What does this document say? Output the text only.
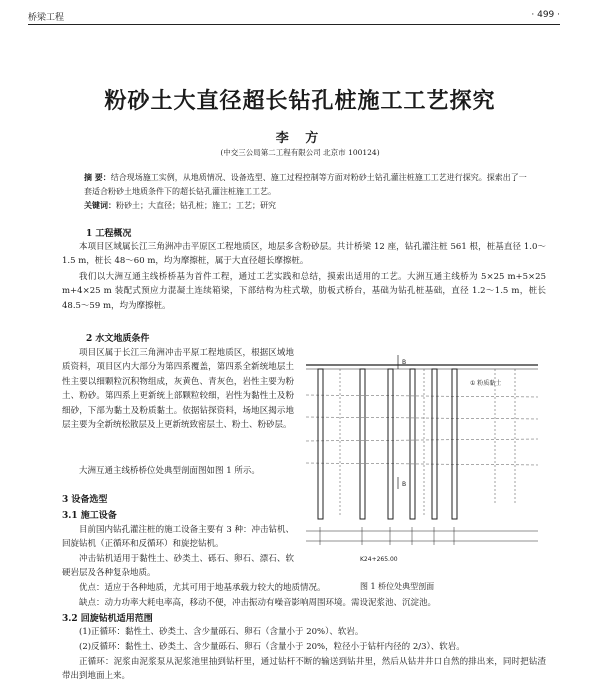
桥梁工程	· 499 ·
粉砂土大直径超长钻孔桩施工工艺探究
李 方
(中交三公局第二工程有限公司 北京市 100124)
摘 要：结合现场施工实例，从地质情况、设备选型、施工过程控制等方面对粉砂土钻孔灌注桩施工工艺进行探究。探索出了一套适合粉砂土地质条件下的超长钻孔灌注桩施工工艺。
关键词：粉砂土；大直径；钻孔桩；施工；工艺；研究
1 工程概况
本项目区域属长江三角洲冲击平原区工程地质区，地层多含粉砂层。共计桥梁 12 座，钻孔灌注桩 561 根，桩基直径 1.0～1.5 m，桩长 48～60 m，均为摩擦桩，属于大直径超长摩擦桩。
我们以大洲互通主线桥桥基为首件工程，通过工艺实践和总结，摸索出适用的工艺。大洲互通主线桥为 5×25 m+5×25 m+4×25 m 装配式预应力混凝土连续箱梁，下部结构为柱式墩，肋板式桥台，基础为钻孔桩基础，直径 1.2～1.5 m，桩长 48.5～59 m，均为摩擦桩。
2 水文地质条件
项目区属于长江三角洲冲击平原工程地质区，根据区域地质资料，项目区内大部分为第四系覆盖，第四系全新统地层土性主要以细颗粒沉积物组成，灰黄色、青灰色，岩性主要为粉土、粉砂。第四系上更新统上部颗粒较细，岩性为黏性土及粉细砂，下部为黏土及粉质黏土。依据钻探资料，场地区揭示地层主要为全新统松散层及上更新统致密层土、粉土、粉砂层。
大洲互通主线桥桥位处典型剖面图如图 1 所示。
B
B
① 粉质黏土
K24+265.00
图 1 桥位处典型剖面
3 设备选型
3.1 施工设备
目前国内钻孔灌注桩的施工设备主要有 3 种：冲击钻机、回旋钻机（正循环和反循环）和旋挖钻机。
冲击钻机适用于黏性土、砂类土、砾石、卵石、漂石、软硬岩层及各种复杂地质。
优点：适应于各种地质，尤其可用于地基承载力较大的地质情况。
缺点：动力功率大耗电率高，移动不便，冲击振动有噪音影响周围环境。需设泥浆池、沉淀池。
3.2 回旋钻机适用范围
(1)正循环：黏性土、砂类土、含少量砾石、卵石（含量小于 20%）、软岩。
(2)反循环：黏性土、砂类土、含少量砾石、卵石（含量小于 20%，粒径小于钻杆内径的 2/3）、软岩。
正循环：泥浆由泥浆泵从泥浆池里抽到钻杆里，通过钻杆不断的输送到钻井里，然后从钻井井口自然的排出来，同时把钻渣带出到地面上来。
